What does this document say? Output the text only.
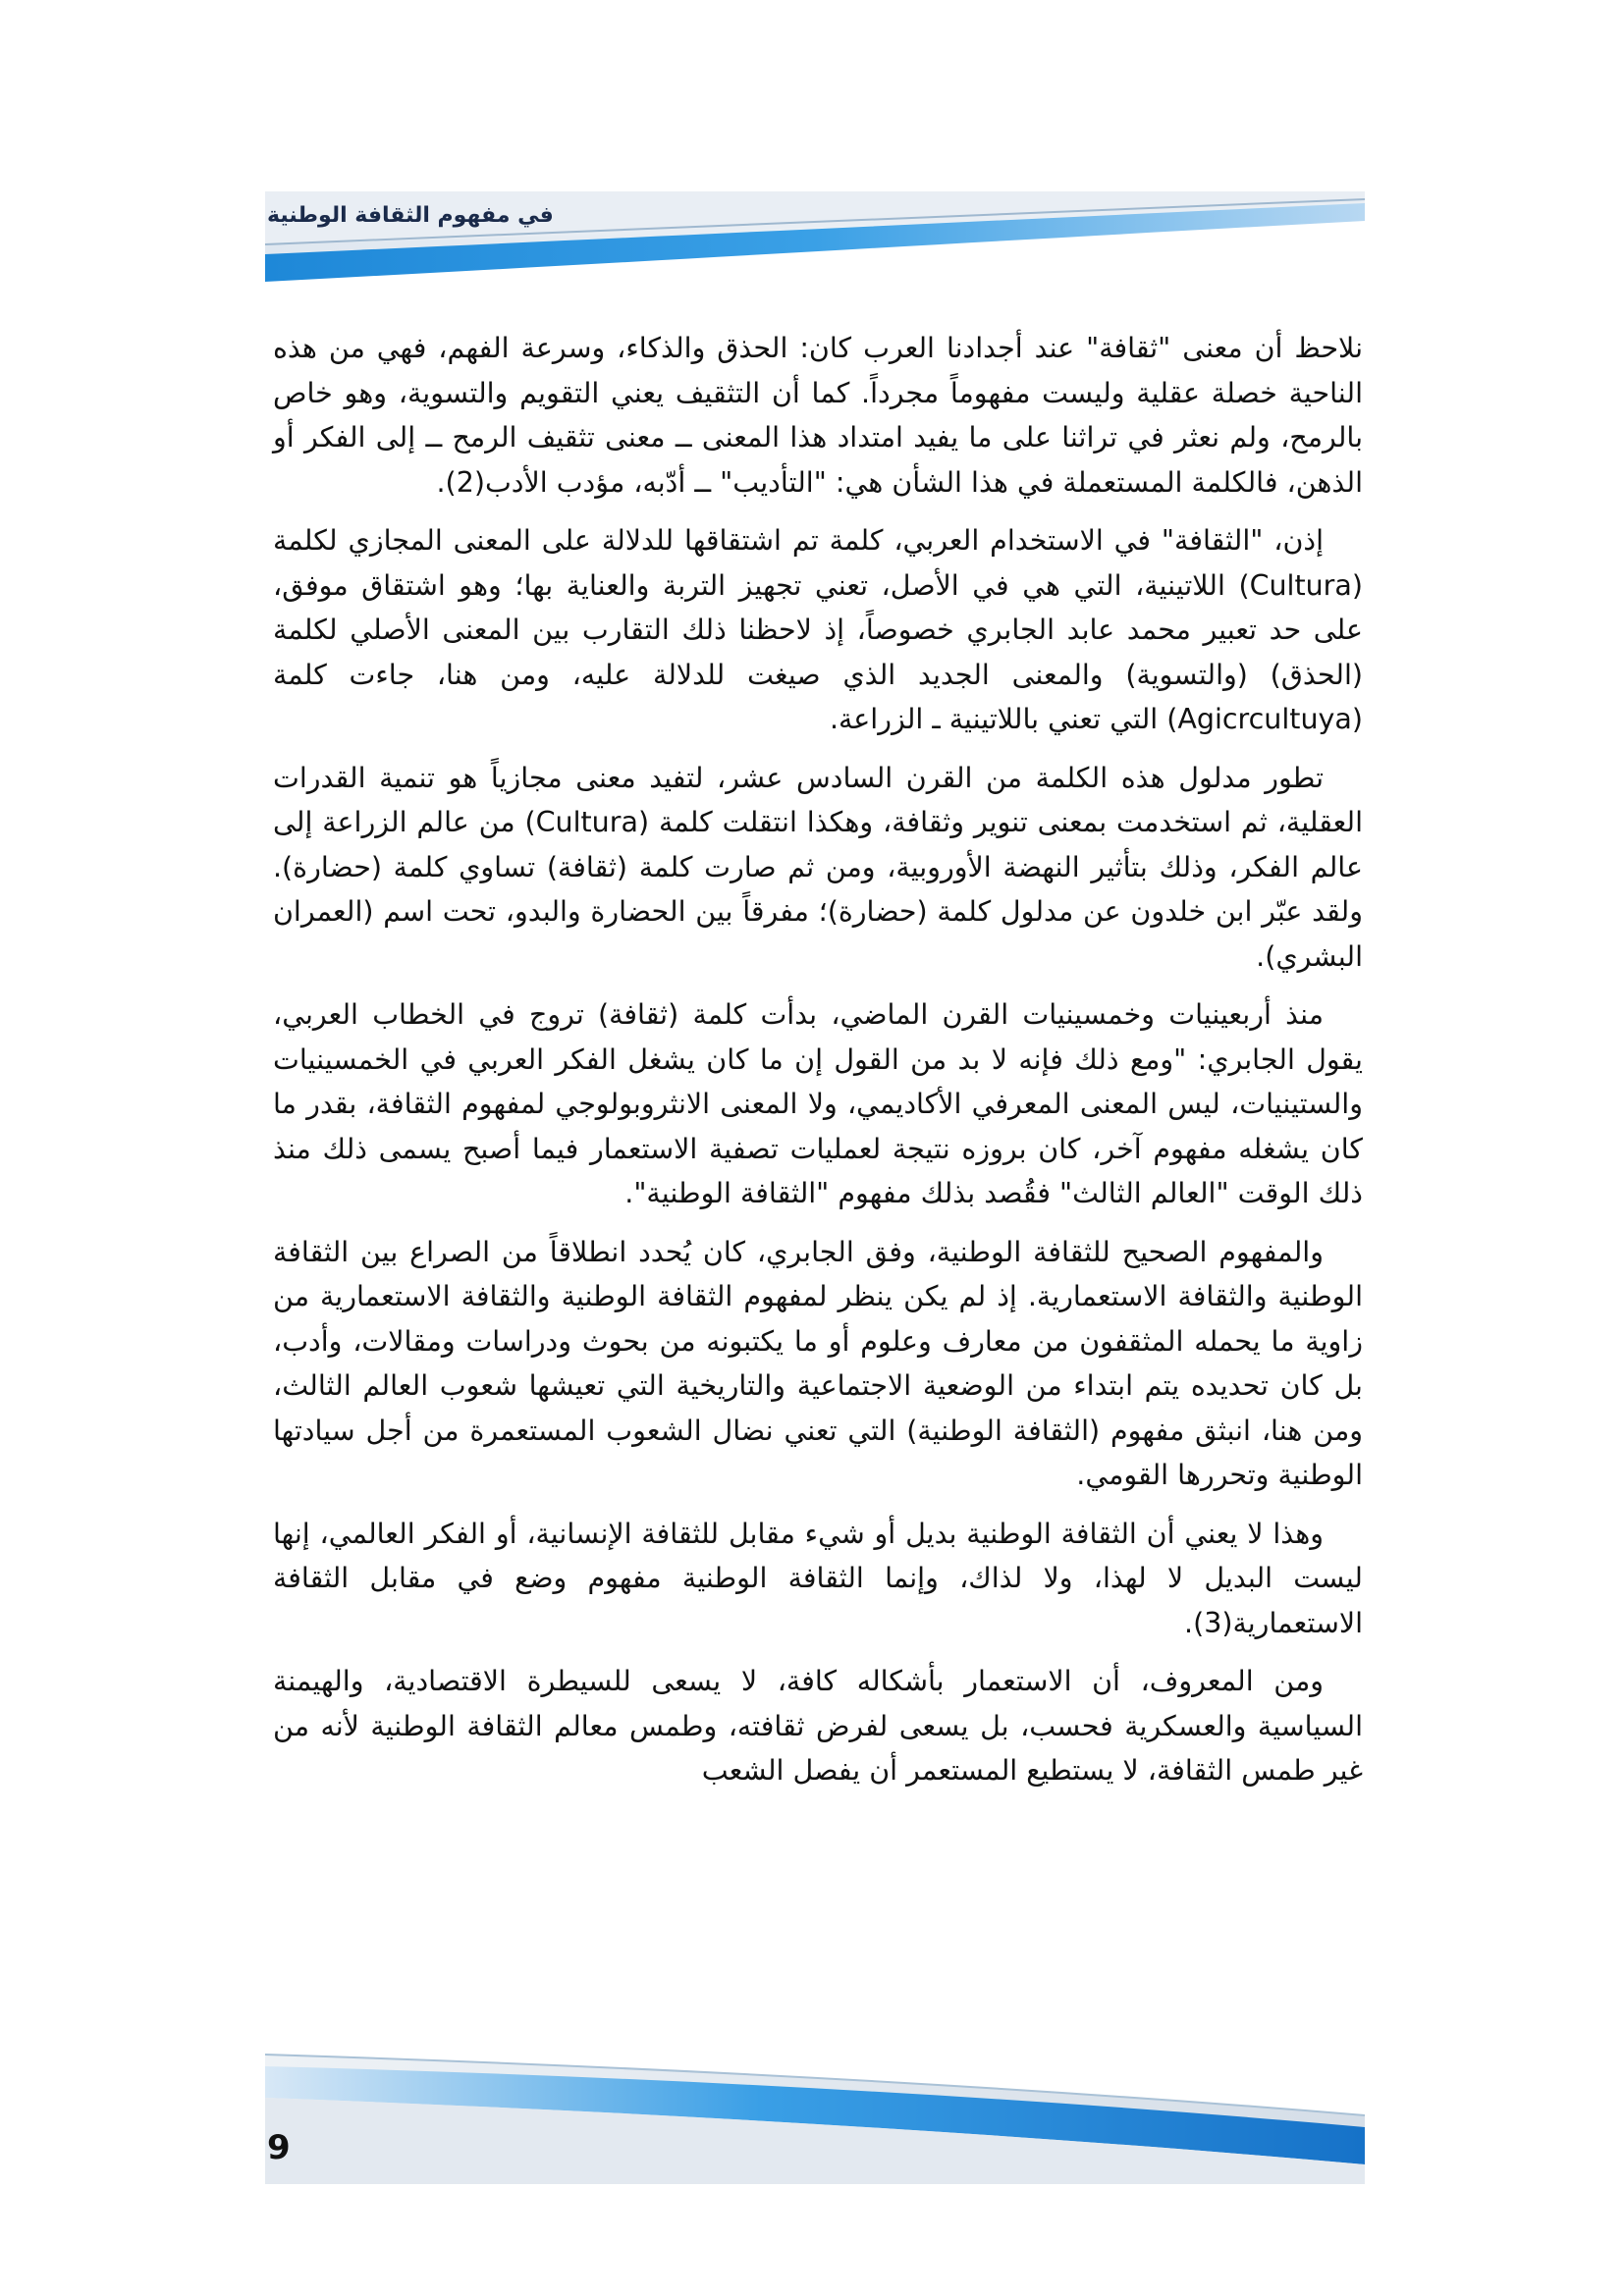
في مفهوم الثقافة الوطنية

نلاحظ أن معنى "ثقافة" عند أجدادنا العرب كان: الحذق والذكاء، وسرعة الفهم، فهي من هذه الناحية خصلة عقلية وليست مفهوماً مجرداً. كما أن التثقيف يعني التقويم والتسوية، وهو خاص بالرمح، ولم نعثر في تراثنا على ما يفيد امتداد هذا المعنى ــ معنى تثقيف الرمح ــ إلى الفكر أو الذهن، فالكلمة المستعملة في هذا الشأن هي: "التأديب" ــ أدّبه، مؤدب الأدب(2).

إذن، "الثقافة" في الاستخدام العربي، كلمة تم اشتقاقها للدلالة على المعنى المجازي لكلمة (Cultura) اللاتينية، التي هي في الأصل، تعني تجهيز التربة والعناية بها؛ وهو اشتقاق موفق، على حد تعبير محمد عابد الجابري خصوصاً، إذ لاحظنا ذلك التقارب بين المعنى الأصلي لكلمة (الحذق) (والتسوية) والمعنى الجديد الذي صيغت للدلالة عليه، ومن هنا، جاءت كلمة (Agicrcultuya) التي تعني باللاتينية ـ الزراعة.

تطور مدلول هذه الكلمة من القرن السادس عشر، لتفيد معنى مجازياً هو تنمية القدرات العقلية، ثم استخدمت بمعنى تنوير وثقافة، وهكذا انتقلت كلمة (Cultura) من عالم الزراعة إلى عالم الفكر، وذلك بتأثير النهضة الأوروبية، ومن ثم صارت كلمة (ثقافة) تساوي كلمة (حضارة). ولقد عبّر ابن خلدون عن مدلول كلمة (حضارة)؛ مفرقاً بين الحضارة والبدو، تحت اسم (العمران البشري).

منذ أربعينيات وخمسينيات القرن الماضي، بدأت كلمة (ثقافة) تروج في الخطاب العربي، يقول الجابري: "ومع ذلك فإنه لا بد من القول إن ما كان يشغل الفكر العربي في الخمسينيات والستينيات، ليس المعنى المعرفي الأكاديمي، ولا المعنى الانثروبولوجي لمفهوم الثقافة، بقدر ما كان يشغله مفهوم آخر، كان بروزه نتيجة لعمليات تصفية الاستعمار فيما أصبح يسمى ذلك منذ ذلك الوقت "العالم الثالث" فقُصد بذلك مفهوم "الثقافة الوطنية".

والمفهوم الصحيح للثقافة الوطنية، وفق الجابري، كان يُحدد انطلاقاً من الصراع بين الثقافة الوطنية والثقافة الاستعمارية. إذ لم يكن ينظر لمفهوم الثقافة الوطنية والثقافة الاستعمارية من زاوية ما يحمله المثقفون من معارف وعلوم أو ما يكتبونه من بحوث ودراسات ومقالات، وأدب، بل كان تحديده يتم ابتداء من الوضعية الاجتماعية والتاريخية التي تعيشها شعوب العالم الثالث، ومن هنا، انبثق مفهوم (الثقافة الوطنية) التي تعني نضال الشعوب المستعمرة من أجل سيادتها الوطنية وتحررها القومي.

وهذا لا يعني أن الثقافة الوطنية بديل أو شيء مقابل للثقافة الإنسانية، أو الفكر العالمي، إنها ليست البديل لا لهذا، ولا لذاك، وإنما الثقافة الوطنية مفهوم وضع في مقابل الثقافة الاستعمارية(3).

ومن المعروف، أن الاستعمار بأشكاله كافة، لا يسعى للسيطرة الاقتصادية، والهيمنة السياسية والعسكرية فحسب، بل يسعى لفرض ثقافته، وطمس معالم الثقافة الوطنية لأنه من غير طمس الثقافة، لا يستطيع المستعمر أن يفصل الشعب

9
